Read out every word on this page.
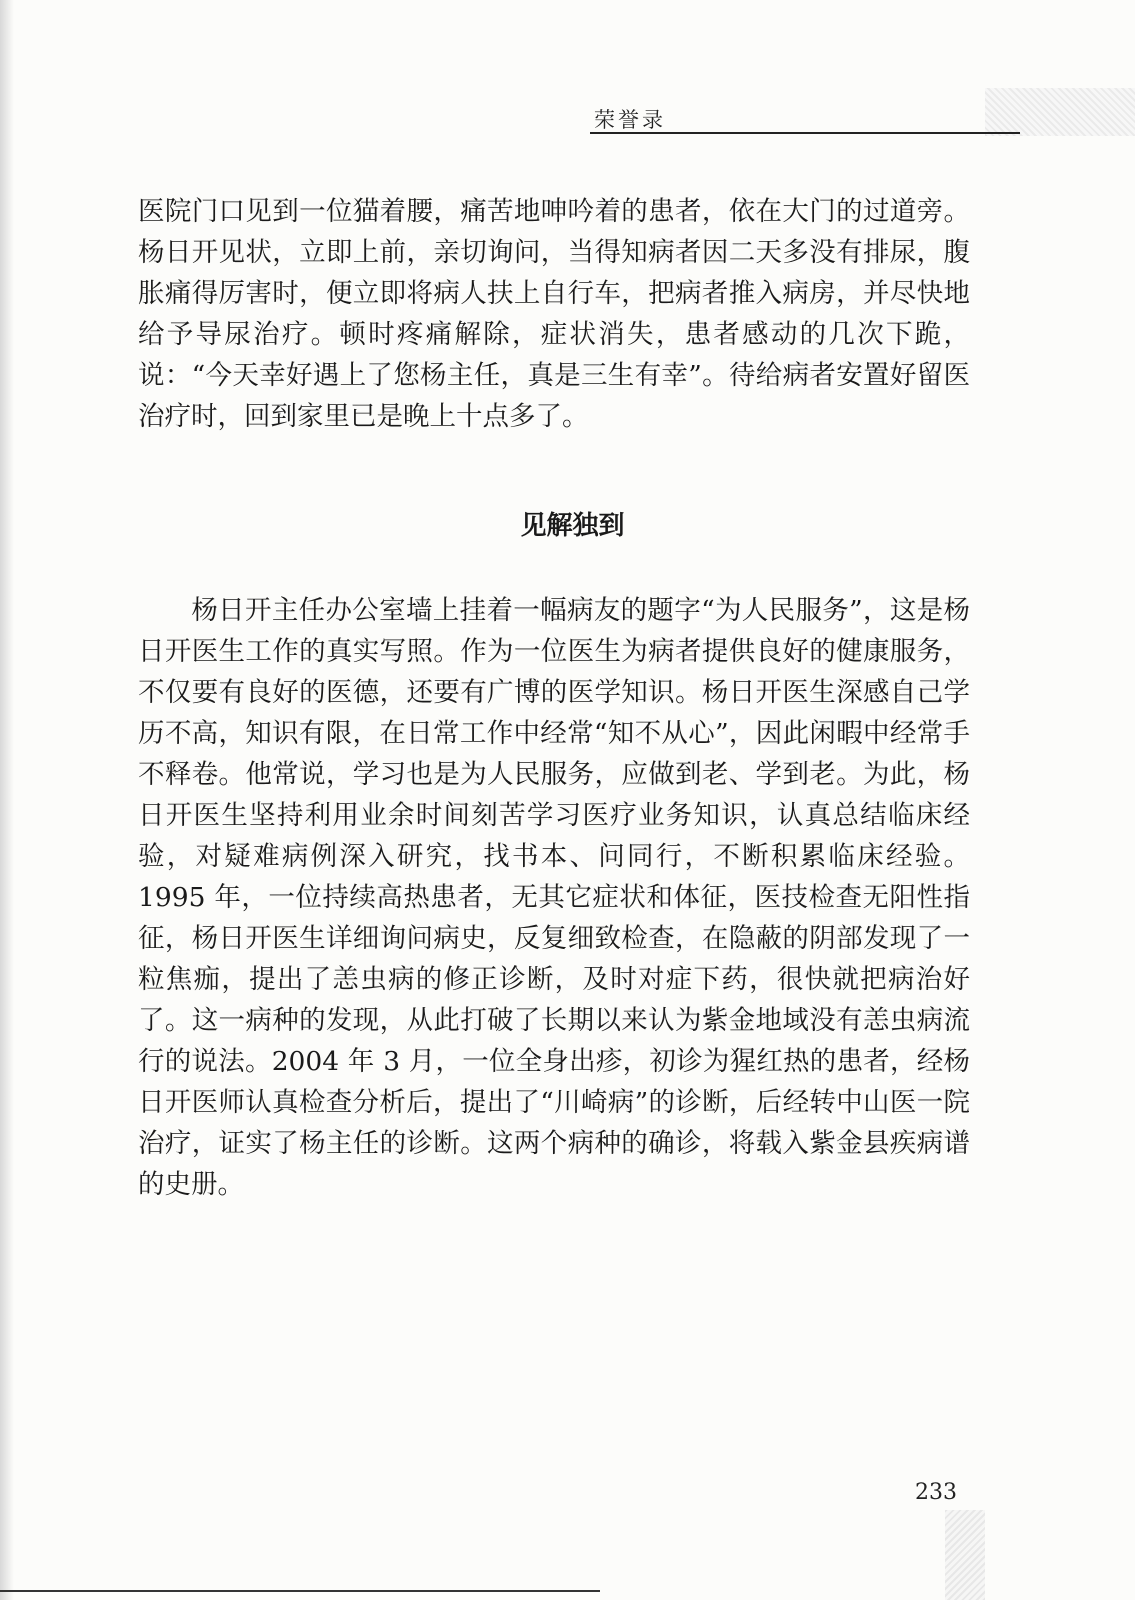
荣誉录

医院门口见到一位猫着腰，痛苦地呻吟着的患者，依在大门的过道旁。杨日开见状，立即上前，亲切询问，当得知病者因二天多没有排尿，腹胀痛得厉害时，便立即将病人扶上自行车，把病者推入病房，并尽快地给予导尿治疗。顿时疼痛解除，症状消失，患者感动的几次下跪，说：“今天幸好遇上了您杨主任，真是三生有幸”。待给病者安置好留医治疗时，回到家里已是晚上十点多了。

见解独到

杨日开主任办公室墙上挂着一幅病友的题字“为人民服务”，这是杨日开医生工作的真实写照。作为一位医生为病者提供良好的健康服务，不仅要有良好的医德，还要有广博的医学知识。杨日开医生深感自己学历不高，知识有限，在日常工作中经常“知不从心”，因此闲暇中经常手不释卷。他常说，学习也是为人民服务，应做到老、学到老。为此，杨日开医生坚持利用业余时间刻苦学习医疗业务知识，认真总结临床经验，对疑难病例深入研究，找书本、问同行，不断积累临床经验。1995 年，一位持续高热患者，无其它症状和体征，医技检查无阳性指征，杨日开医生详细询问病史，反复细致检查，在隐蔽的阴部发现了一粒焦痂，提出了恙虫病的修正诊断，及时对症下药，很快就把病治好了。这一病种的发现，从此打破了长期以来认为紫金地域没有恙虫病流行的说法。2004 年 3 月，一位全身出疹，初诊为猩红热的患者，经杨日开医师认真检查分析后，提出了“川崎病”的诊断，后经转中山医一院治疗，证实了杨主任的诊断。这两个病种的确诊，将载入紫金县疾病谱的史册。

233
